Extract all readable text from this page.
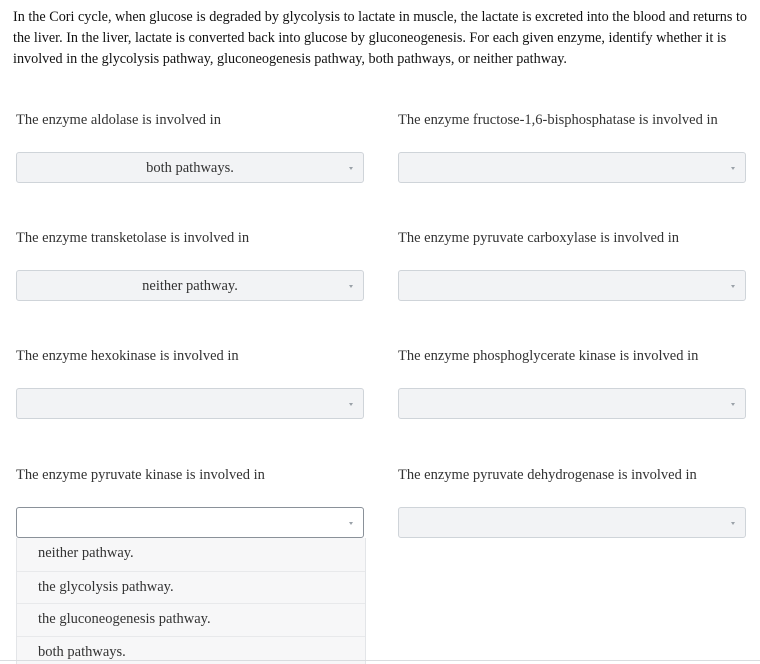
In the Cori cycle, when glucose is degraded by glycolysis to lactate in muscle, the lactate is excreted into the blood and returns to the liver. In the liver, lactate is converted back into glucose by gluconeogenesis. For each given enzyme, identify whether it is involved in the glycolysis pathway, gluconeogenesis pathway, both pathways, or neither pathway.

The enzyme aldolase is involved in

both pathways.

The enzyme fructose-1,6-bisphosphatase is involved in

The enzyme transketolase is involved in

neither pathway.

The enzyme pyruvate carboxylase is involved in

The enzyme hexokinase is involved in	The enzyme phosphoglycerate kinase is involved in

The enzyme pyruvate kinase is involved in	The enzyme pyruvate dehydrogenase is involved in

neither pathway.
the glycolysis pathway.
the gluconeogenesis pathway.
both pathways.
